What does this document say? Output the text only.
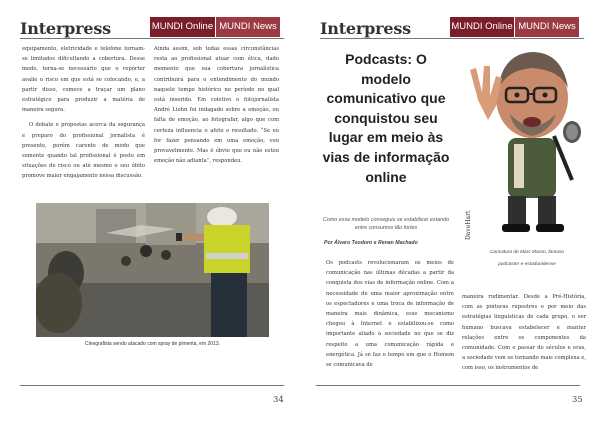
Interpress	MUNDI Online MUNDI News

equipamento, eletricidade e telefone tornam-se limitados dificultando a cobertura. Desse modo, torna-se necessário que o repórter avalie o risco em que está se colocando, e, a partir disso, comece a traçar um plano estratégico para produzir a matéria de maneira segura.

O debate e propostas acerca da segurança e preparo do profissional jornalista é presente, porém carente de modo que somente quando tal profissional é posto em situações de risco ou até mesmo o seu óbito promove maior engajamento nessa discussão.

Ainda assim, sob todas essas circunstâncias resta ao profissional atuar com ética, dado momento que sua cobertura jornalística contribuirá para o entendimento do mundo naquele tempo histórico no período no qual está inserido. Em coletivo o fotojornalista André Liohn foi indagado sobre a emoção, ou falta de emoção, ao fotografar, algo que com certeza influencia o afeto e resultado. “Se eu for fazer pensando em uma emoção, vou provavelmente. Mas é óbvio que eu não estou emoção não adianta”, respondeu.

Cinegrafista sendo atacado com spray de pimenta, em 2013.
34
Interpress	MUNDI Online MUNDI News
35
Podcasts: O modelo comunicativo que conquistou seu lugar em meio às vias de informação online
Como esse modelo conseguiu se estabilizar estando entre consumos tão fortes
Por Álvaro Teodoro e Renan Machado
DaveHart
Caricatura de Marc Maron, famoso
podcaster e estadunidense

Os podcasts revolucionaram os meios de comunicação nas últimas décadas a partir da conquista dos vias de informação online. Com a necessidade de uma maior aproximação entre os espectadores e uma troca de informação de maneira mais dinâmica, esse mecanismo chegou à Internet e estabilizou-se como importante aliado à sociedade no que se diz respeito a uma comunicação rápida e energética. Já se faz o tempo em que o Homem se comunicava de

maneira rudimentar. Desde a Pré-História, com as pinturas rupestres e por meio das estratégias linguísticas de cada grupo, o ser humano buscava estabelecer e manter relações entre os componentes da comunidade. Com o passar de séculos e eras, a sociedade vem se tornando mais complexa e, com isso, os instrumentos de
